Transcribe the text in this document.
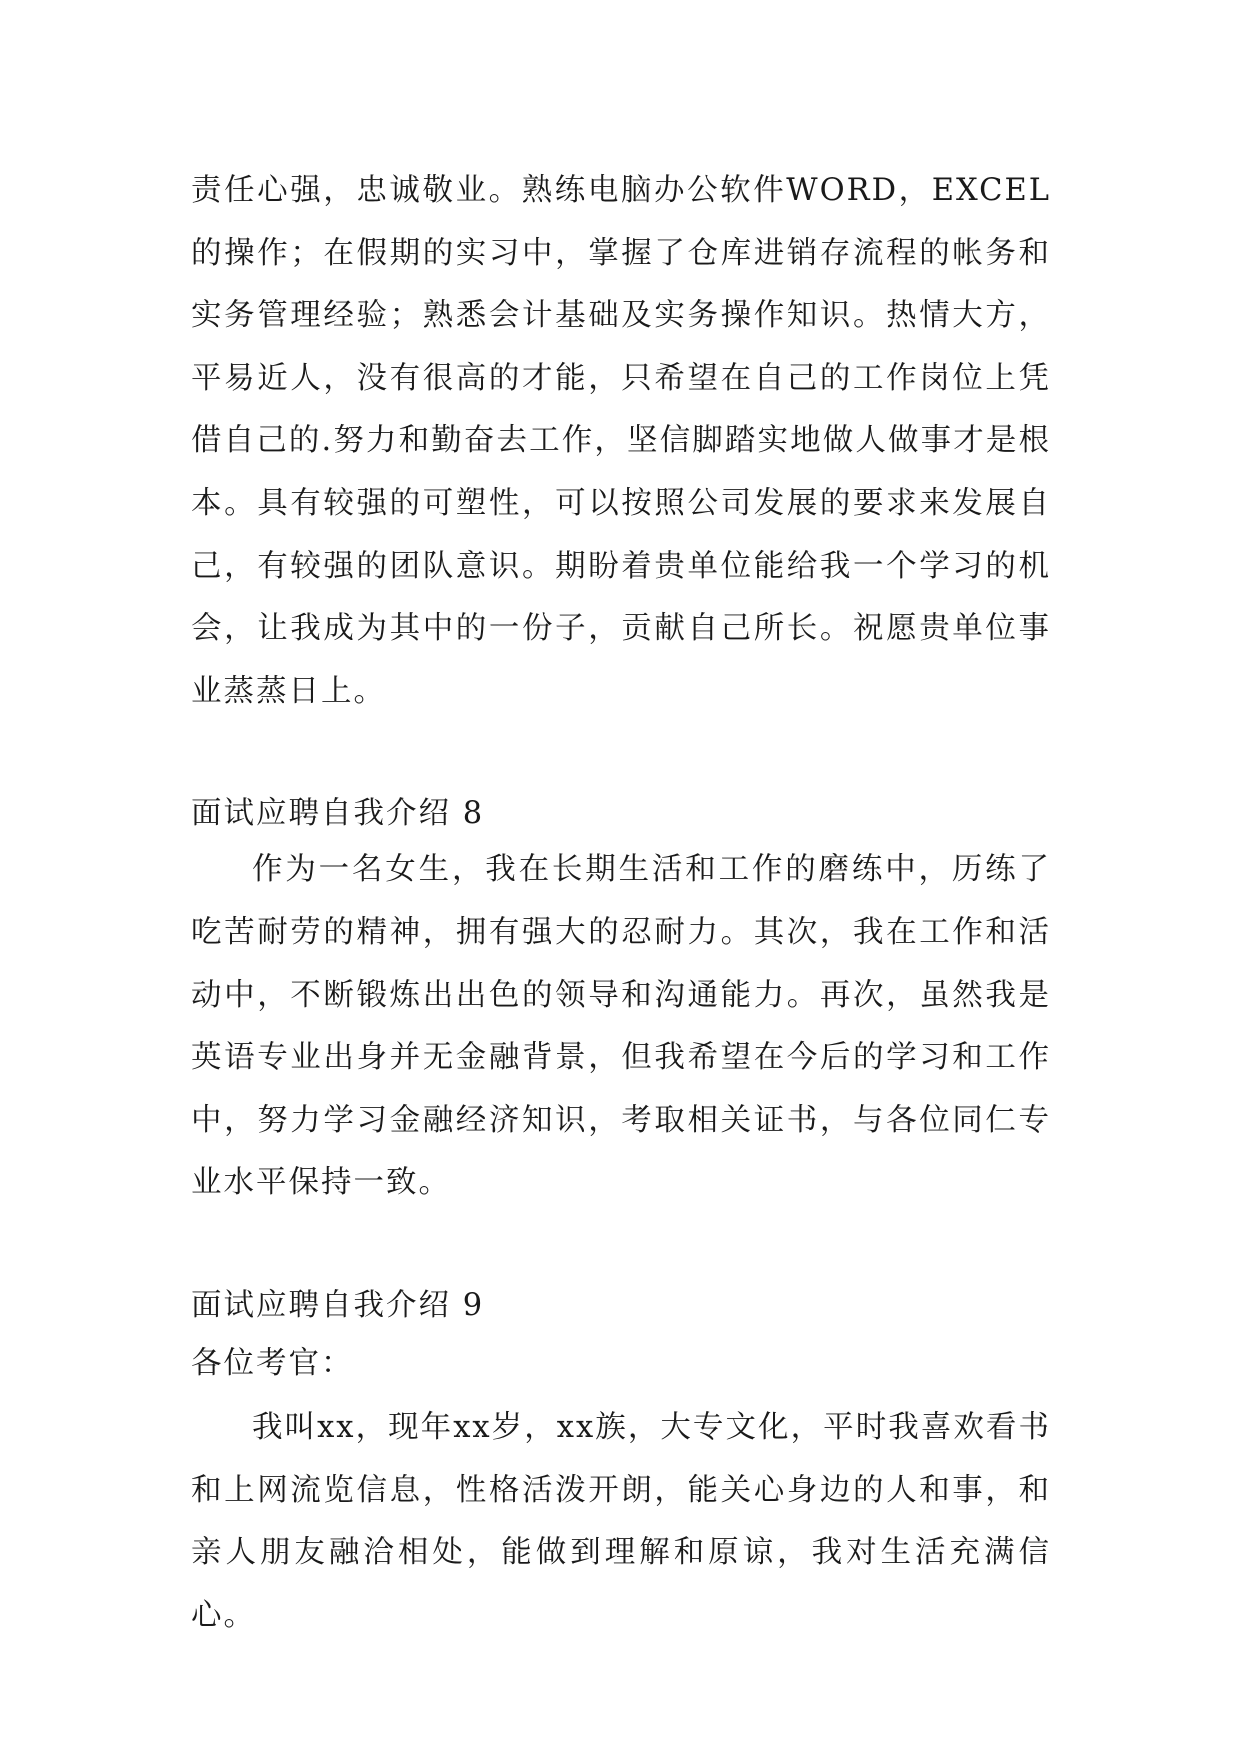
责任心强，忠诚敬业。熟练电脑办公软件WORD，EXCEL的操作；在假期的实习中，掌握了仓库进销存流程的帐务和实务管理经验；熟悉会计基础及实务操作知识。热情大方，平易近人，没有很高的才能，只希望在自己的工作岗位上凭借自己的.努力和勤奋去工作，坚信脚踏实地做人做事才是根本。具有较强的可塑性，可以按照公司发展的要求来发展自己，有较强的团队意识。期盼着贵单位能给我一个学习的机会，让我成为其中的一份子，贡献自己所长。祝愿贵单位事业蒸蒸日上。

面试应聘自我介绍 8

作为一名女生，我在长期生活和工作的磨练中，历练了吃苦耐劳的精神，拥有强大的忍耐力。其次，我在工作和活动中，不断锻炼出出色的领导和沟通能力。再次，虽然我是英语专业出身并无金融背景，但我希望在今后的学习和工作中，努力学习金融经济知识，考取相关证书，与各位同仁专业水平保持一致。

面试应聘自我介绍 9

各位考官：

我叫xx，现年xx岁，xx族，大专文化，平时我喜欢看书和上网流览信息，性格活泼开朗，能关心身边的人和事，和亲人朋友融洽相处，能做到理解和原谅，我对生活充满信心。
